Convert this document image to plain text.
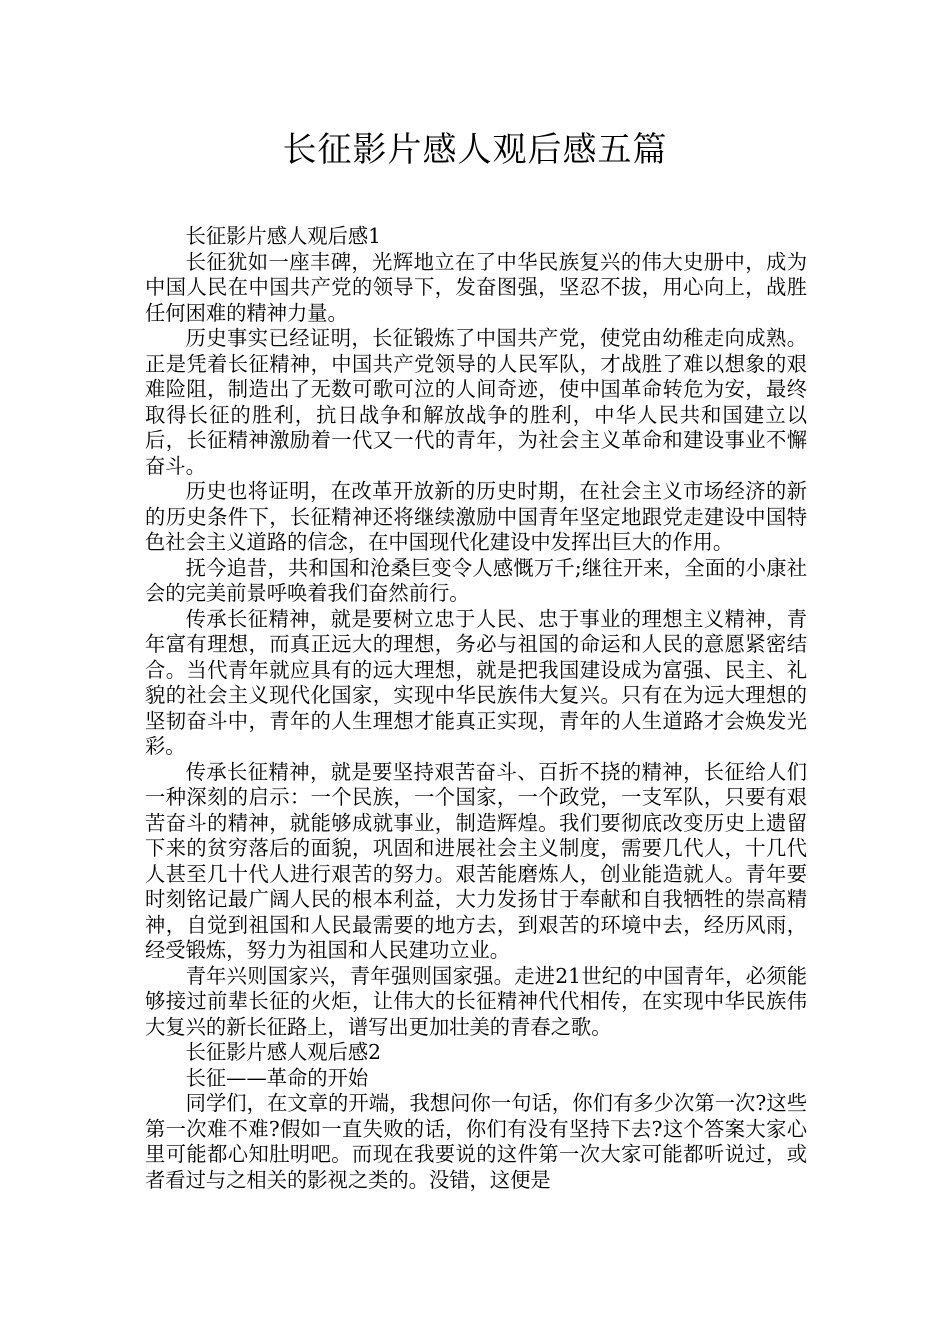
长征影片感人观后感五篇

长征影片感人观后感1

长征犹如一座丰碑，光辉地立在了中华民族复兴的伟大史册中，成为中国人民在中国共产党的领导下，发奋图强，坚忍不拔，用心向上，战胜任何困难的精神力量。

历史事实已经证明，长征锻炼了中国共产党，使党由幼稚走向成熟。正是凭着长征精神，中国共产党领导的人民军队，才战胜了难以想象的艰难险阻，制造出了无数可歌可泣的人间奇迹，使中国革命转危为安，最终取得长征的胜利，抗日战争和解放战争的胜利，中华人民共和国建立以后，长征精神激励着一代又一代的青年，为社会主义革命和建设事业不懈奋斗。

历史也将证明，在改革开放新的历史时期，在社会主义市场经济的新的历史条件下，长征精神还将继续激励中国青年坚定地跟党走建设中国特色社会主义道路的信念，在中国现代化建设中发挥出巨大的作用。

抚今追昔，共和国和沧桑巨变令人感慨万千;继往开来，全面的小康社会的完美前景呼唤着我们奋然前行。

传承长征精神，就是要树立忠于人民、忠于事业的理想主义精神，青年富有理想，而真正远大的理想，务必与祖国的命运和人民的意愿紧密结合。当代青年就应具有的远大理想，就是把我国建设成为富强、民主、礼貌的社会主义现代化国家，实现中华民族伟大复兴。只有在为远大理想的坚韧奋斗中，青年的人生理想才能真正实现，青年的人生道路才会焕发光彩。

传承长征精神，就是要坚持艰苦奋斗、百折不挠的精神，长征给人们一种深刻的启示：一个民族，一个国家，一个政党，一支军队，只要有艰苦奋斗的精神，就能够成就事业，制造辉煌。我们要彻底改变历史上遗留下来的贫穷落后的面貌，巩固和进展社会主义制度，需要几代人，十几代人甚至几十代人进行艰苦的努力。艰苦能磨炼人，创业能造就人。青年要时刻铭记最广阔人民的根本利益，大力发扬甘于奉献和自我牺牲的崇高精神，自觉到祖国和人民最需要的地方去，到艰苦的环境中去，经历风雨，经受锻炼，努力为祖国和人民建功立业。

青年兴则国家兴，青年强则国家强。走进21世纪的中国青年，必须能够接过前辈长征的火炬，让伟大的长征精神代代相传，在实现中华民族伟大复兴的新长征路上，谱写出更加壮美的青春之歌。

长征影片感人观后感2

长征——革命的开始

同学们，在文章的开端，我想问你一句话，你们有多少次第一次?这些第一次难不难?假如一直失败的话，你们有没有坚持下去?这个答案大家心里可能都心知肚明吧。而现在我要说的这件第一次大家可能都听说过，或者看过与之相关的影视之类的。没错，这便是
